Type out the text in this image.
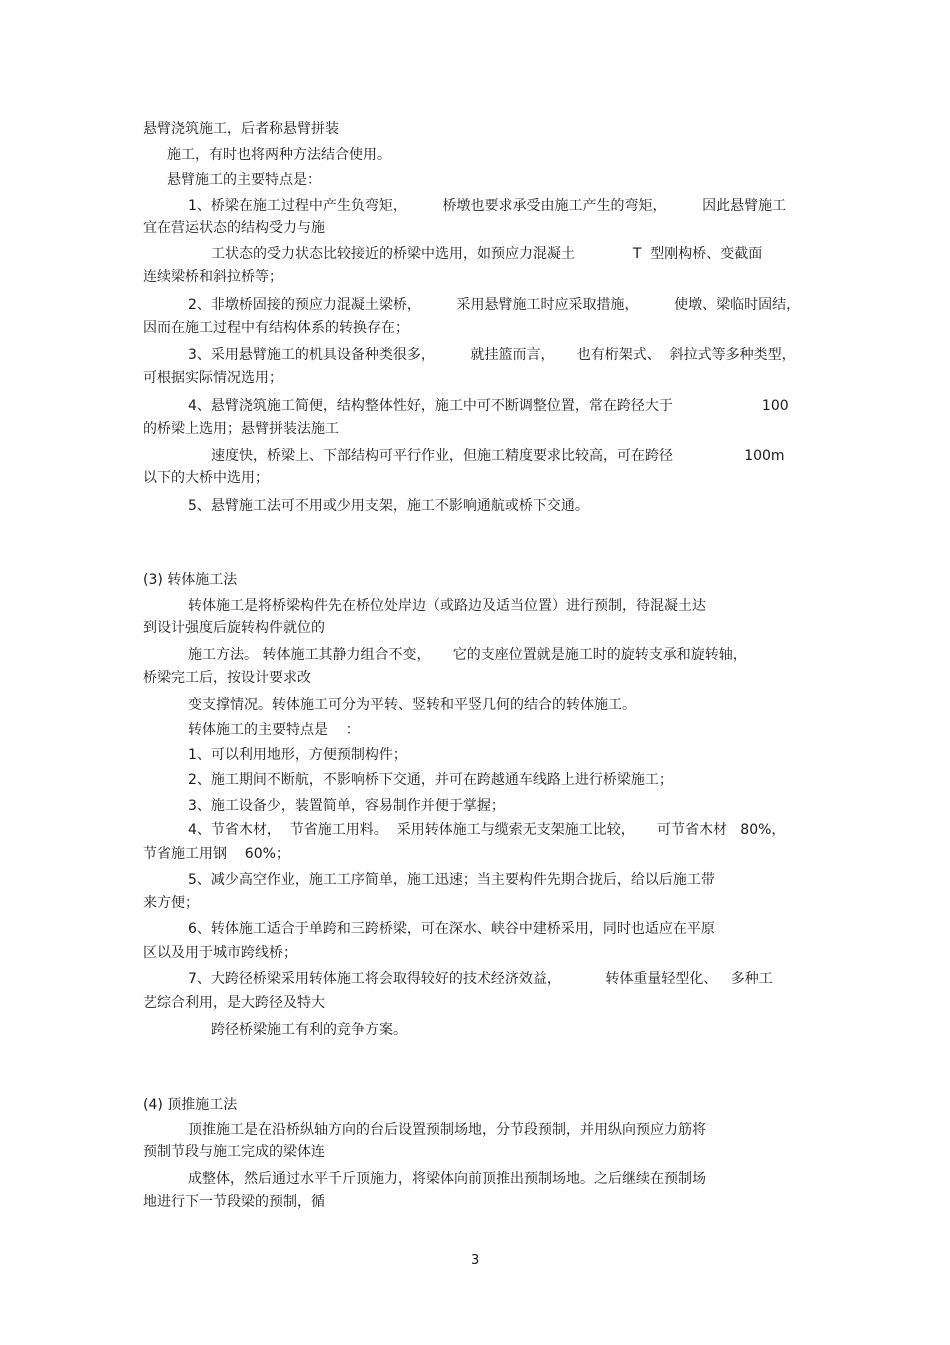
悬臂浇筑施工，后者称悬臂拼装
施工，有时也将两种方法结合使用。
悬臂施工的主要特点是：
1、桥梁在施工过程中产生负弯矩，        桥墩也要求承受由施工产生的弯矩，        因此悬臂施工
宜在营运状态的结构受力与施
工状态的受力状态比较接近的桥梁中选用，如预应力混凝土             T  型刚构桥、变截面
连续梁桥和斜拉桥等；
2、非墩桥固接的预应力混凝土梁桥，        采用悬臂施工时应采取措施，        使墩、梁临时固结，
因而在施工过程中有结构体系的转换存在；
3、采用悬臂施工的机具设备种类很多，        就挂篮而言，     也有桁架式、  斜拉式等多种类型，
可根据实际情况选用；
4、悬臂浇筑施工简便，结构整体性好，施工中可不断调整位置，常在跨径大于                    100
的桥梁上选用；悬臂拼装法施工
速度快，桥梁上、下部结构可平行作业，但施工精度要求比较高，可在跨径                100m
以下的大桥中选用；
5、悬臂施工法可不用或少用支架，施工不影响通航或桥下交通。
(3) 转体施工法
转体施工是将桥梁构件先在桥位处岸边（或路边及适当位置）进行预制，待混凝土达
到设计强度后旋转构件就位的
施工方法。 转体施工其静力组合不变，     它的支座位置就是施工时的旋转支承和旋转轴，
桥梁完工后，按设计要求改
变支撑情况。转体施工可分为平转、竖转和平竖几何的结合的转体施工。
转体施工的主要特点是    ：
1、可以利用地形，方便预制构件；
2、施工期间不断航，不影响桥下交通，并可在跨越通车线路上进行桥梁施工；
3、施工设备少，装置简单，容易制作并便于掌握；
4、节省木材，  节省施工用料。  采用转体施工与缆索无支架施工比较，     可节省木材   80%，
节省施工用钢    60%；
5、减少高空作业，施工工序简单，施工迅速；当主要构件先期合拢后，给以后施工带
来方便；
6、转体施工适合于单跨和三跨桥梁，可在深水、峡谷中建桥采用，同时也适应在平原
区以及用于城市跨线桥；
7、大跨径桥梁采用转体施工将会取得较好的技术经济效益，          转体重量轻型化、   多种工
艺综合利用，是大跨径及特大
跨径桥梁施工有利的竞争方案。
(4) 顶推施工法
顶推施工是在沿桥纵轴方向的台后设置预制场地，分节段预制，并用纵向预应力筋将
预制节段与施工完成的梁体连
成整体，然后通过水平千斤顶施力，将梁体向前顶推出预制场地。之后继续在预制场
地进行下一节段梁的预制，循
3
